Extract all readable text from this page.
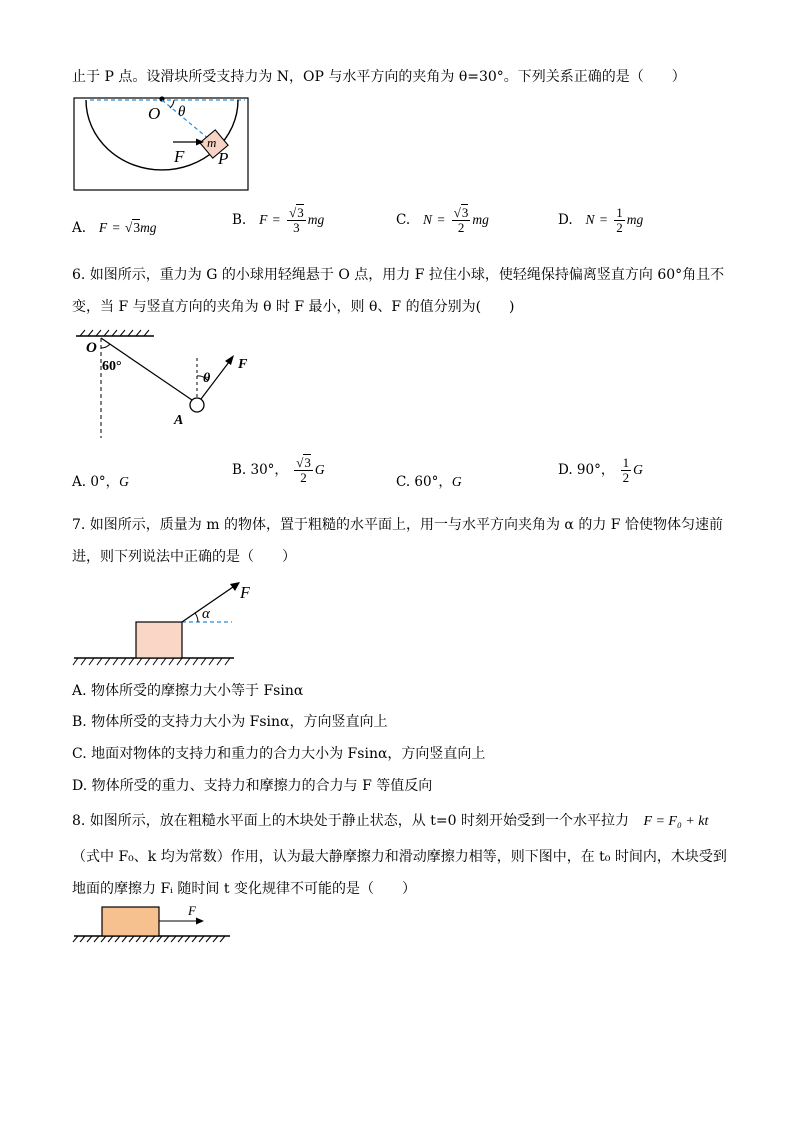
止于 P 点。设滑块所受支持力为 N，OP 与水平方向的夹角为 θ=30°。下列关系正确的是（　　）
O θ
m
F P
A. F = √3mg	B. $F = \frac{√3}{3}$ mg	C. $N = \frac{√3}{2}$ mg	D. $N = \frac{1}{2}$ mg
6. 如图所示，重力为 G 的小球用轻绳悬于 O 点，用力 F 拉住小球，使轻绳保持偏离竖直方向 60°角且不
变，当 F 与竖直方向的夹角为 θ 时 F 最小，则 θ、F 的值分别为(　　)
O
60°
A
F
θ
A. 0°，G
B. 30°， $\frac{√3}{2}$ G
C. 60°，G
D. 90°， $\frac{1}{2}$ G
7. 如图所示，质量为 m 的物体，置于粗糙的水平面上，用一与水平方向夹角为 α 的力 F 恰使物体匀速前
进，则下列说法中正确的是（　　）
F
α
A. 物体所受的摩擦力大小等于 Fsinα
B. 物体所受的支持力大小为 Fsinα，方向竖直向上
C. 地面对物体的支持力和重力的合力大小为 Fsinα，方向竖直向上
D. 物体所受的重力、支持力和摩擦力的合力与 F 等值反向
8. 如图所示，放在粗糙水平面上的木块处于静止状态，从 t=0 时刻开始受到一个水平拉力 F = F₀ + kt
（式中 F₀、k 均为常数）作用，认为最大静摩擦力和滑动摩擦力相等，则下图中，在 t₀ 时间内，木块受到
地面的摩擦力 Fᵢ 随时间 t 变化规律不可能的是（　　）
F
